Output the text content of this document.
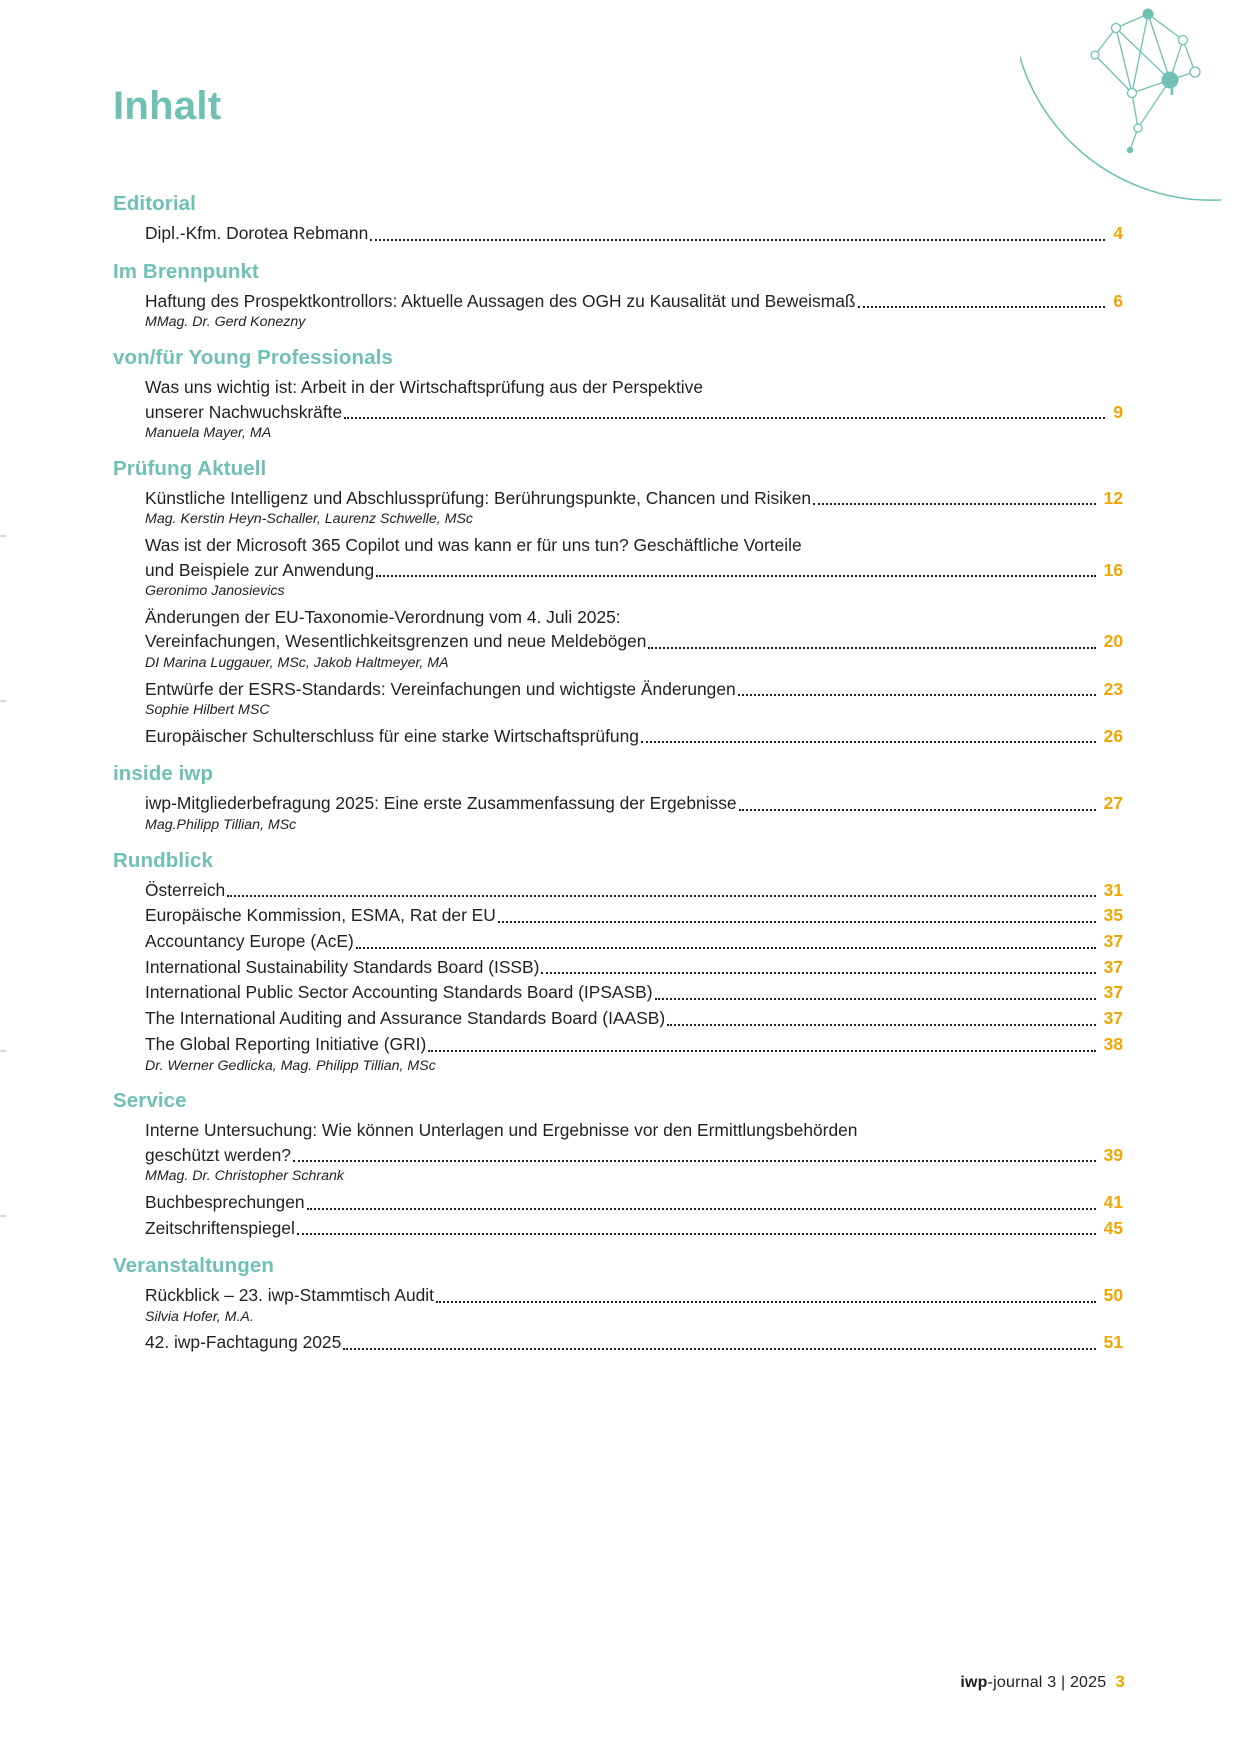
Inhalt	i
Editorial
Dipl.-Kfm. Dorotea Rebmann	4
Im Brennpunkt
Haftung des Prospektkontrollors: Aktuelle Aussagen des OGH zu Kausalität und Beweismaß	6
MMag. Dr. Gerd Konezny
von/für Young Professionals
Was uns wichtig ist: Arbeit in der Wirtschaftsprüfung aus der Perspektive
unserer Nachwuchskräfte	9
Manuela Mayer, MA
Prüfung Aktuell
Künstliche Intelligenz und Abschlussprüfung: Berührungspunkte, Chancen und Risiken	12
Mag. Kerstin Heyn-Schaller, Laurenz Schwelle, MSc
Was ist der Microsoft 365 Copilot und was kann er für uns tun? Geschäftliche Vorteile
und Beispiele zur Anwendung	16
Geronimo Janosievics
Änderungen der EU-Taxonomie-Verordnung vom 4. Juli 2025:
Vereinfachungen, Wesentlichkeitsgrenzen und neue Meldebögen	20
DI Marina Luggauer, MSc, Jakob Haltmeyer, MA
Entwürfe der ESRS-Standards: Vereinfachungen und wichtigste Änderungen	23
Sophie Hilbert MSC
Europäischer Schulterschluss für eine starke Wirtschaftsprüfung	26
inside iwp
iwp-Mitgliederbefragung 2025: Eine erste Zusammenfassung der Ergebnisse	27
Mag.Philipp Tillian, MSc
Rundblick
Österreich	31
Europäische Kommission, ESMA, Rat der EU	35
Accountancy Europe (AcE)	37
International Sustainability Standards Board (ISSB)	37
International Public Sector Accounting Standards Board (IPSASB)	37
The International Auditing and Assurance Standards Board (IAASB)	37
The Global Reporting Initiative (GRI)	38
Dr. Werner Gedlicka, Mag. Philipp Tillian, MSc
Service
Interne Untersuchung: Wie können Unterlagen und Ergebnisse vor den Ermittlungsbehörden
geschützt werden?	39
MMag. Dr. Christopher Schrank
Buchbesprechungen	41
Zeitschriftenspiegel	45
Veranstaltungen
Rückblick – 23. iwp-Stammtisch Audit	50
Silvia Hofer, M.A.
42. iwp-Fachtagung 2025	51
iwp-journal 3 | 2025 3
